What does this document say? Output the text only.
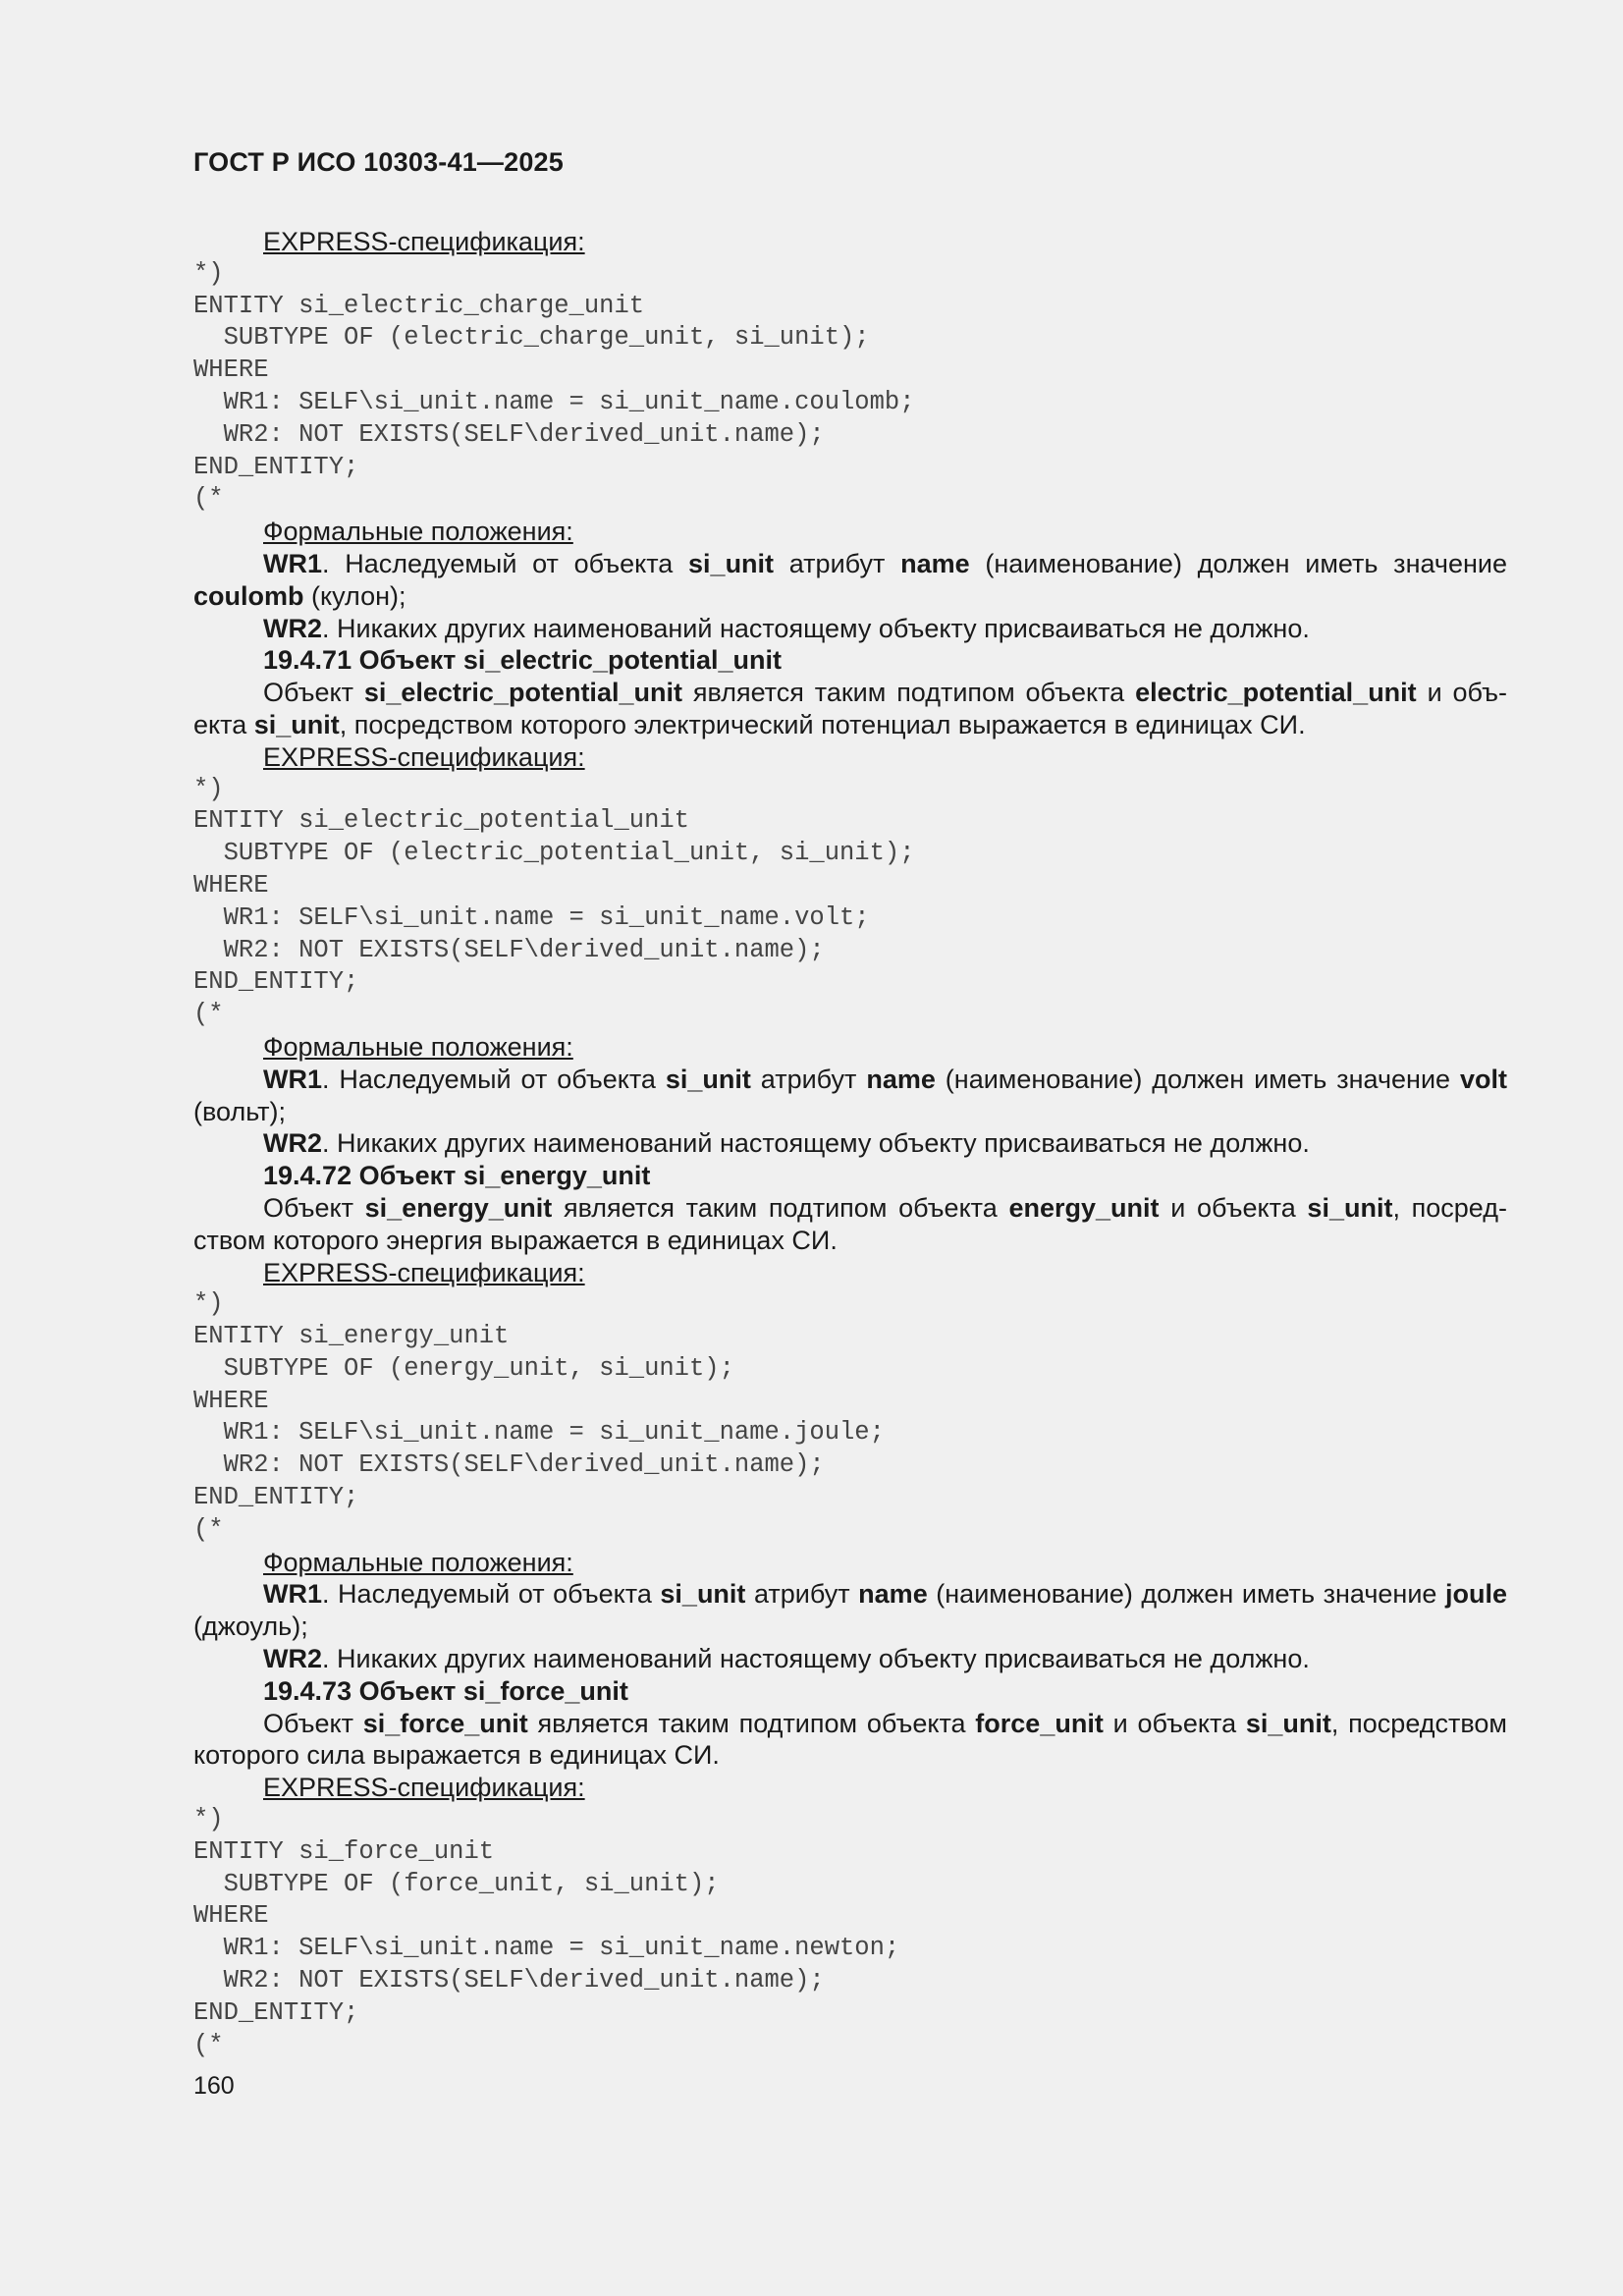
ГОСТ Р ИСО 10303-41—2025
EXPRESS-спецификация:
*)
ENTITY si_electric_charge_unit
SUBTYPE OF (electric_charge_unit, si_unit);
WHERE
WR1: SELF\si_unit.name = si_unit_name.coulomb;
WR2: NOT EXISTS(SELF\derived_unit.name);
END_ENTITY;
(*
Формальные положения:
WR1. Наследуемый от объекта si_unit атрибут name (наименование) должен иметь значение coulomb (кулон);
WR2. Никаких других наименований настоящему объекту присваиваться не должно.
19.4.71 Объект si_electric_potential_unit
Объект si_electric_potential_unit является таким подтипом объекта electric_potential_unit и объекта si_unit, посредством которого электрический потенциал выражается в единицах СИ.
EXPRESS-спецификация:
*)
ENTITY si_electric_potential_unit
SUBTYPE OF (electric_potential_unit, si_unit);
WHERE
WR1: SELF\si_unit.name = si_unit_name.volt;
WR2: NOT EXISTS(SELF\derived_unit.name);
END_ENTITY;
(*
Формальные положения:
WR1. Наследуемый от объекта si_unit атрибут name (наименование) должен иметь значение volt (вольт);
WR2. Никаких других наименований настоящему объекту присваиваться не должно.
19.4.72 Объект si_energy_unit
Объект si_energy_unit является таким подтипом объекта energy_unit и объекта si_unit, посредством которого энергия выражается в единицах СИ.
EXPRESS-спецификация:
*)
ENTITY si_energy_unit
SUBTYPE OF (energy_unit, si_unit);
WHERE
WR1: SELF\si_unit.name = si_unit_name.joule;
WR2: NOT EXISTS(SELF\derived_unit.name);
END_ENTITY;
(*
Формальные положения:
WR1. Наследуемый от объекта si_unit атрибут name (наименование) должен иметь значение joule (джоуль);
WR2. Никаких других наименований настоящему объекту присваиваться не должно.
19.4.73 Объект si_force_unit
Объект si_force_unit является таким подтипом объекта force_unit и объекта si_unit, посредством которого сила выражается в единицах СИ.
EXPRESS-спецификация:
*)
ENTITY si_force_unit
SUBTYPE OF (force_unit, si_unit);
WHERE
WR1: SELF\si_unit.name = si_unit_name.newton;
WR2: NOT EXISTS(SELF\derived_unit.name);
END_ENTITY;
(*
160
